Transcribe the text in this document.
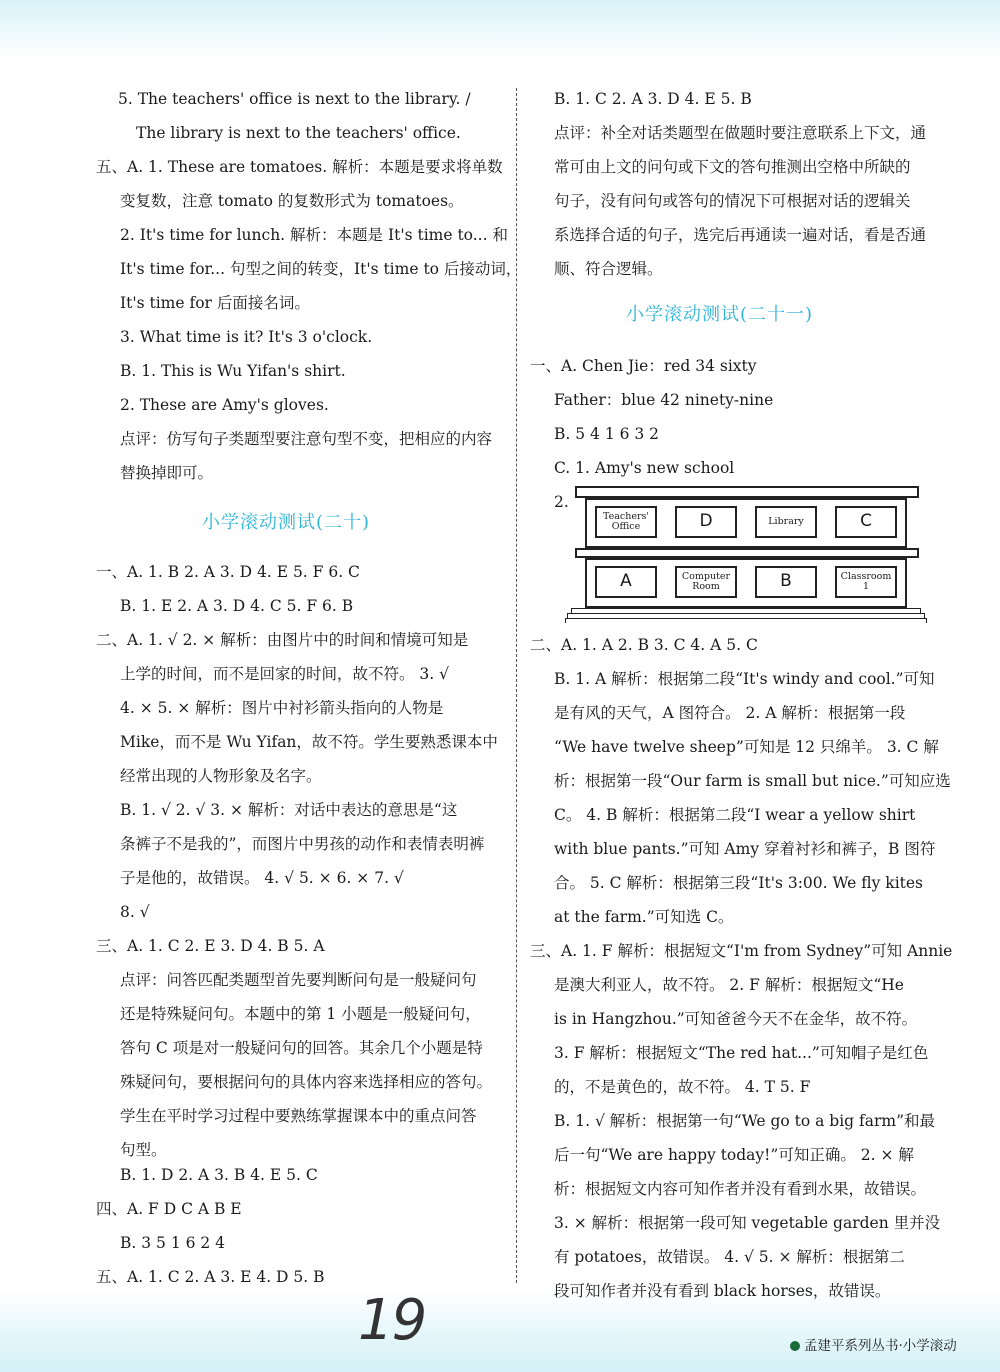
小学滚动测试(二十)
5. The teachers' office is next to the library. /
The library is next to the teachers' office.
五、A. 1. These are tomatoes. 解析：本题是要求将单数
变复数，注意 tomato 的复数形式为 tomatoes。
2. It's time for lunch. 解析：本题是 It's time to... 和
It's time for... 句型之间的转变，It's time to 后接动词，
It's time for 后面接名词。
3. What time is it? It's 3 o'clock.
B. 1. This is Wu Yifan's shirt.
2. These are Amy's gloves.
点评：仿写句子类题型要注意句型不变，把相应的内容
替换掉即可。
一、A. 1. B 2. A 3. D 4. E 5. F 6. C
B. 1. E 2. A 3. D 4. C 5. F 6. B
二、A. 1. √ 2. × 解析：由图片中的时间和情境可知是
上学的时间，而不是回家的时间，故不符。 3. √
4. × 5. × 解析：图片中衬衫箭头指向的人物是
Mike，而不是 Wu Yifan，故不符。学生要熟悉课本中
经常出现的人物形象及名字。
B. 1. √ 2. √ 3. × 解析：对话中表达的意思是“这
条裤子不是我的”，而图片中男孩的动作和表情表明裤
子是他的，故错误。 4. √ 5. × 6. × 7. √
8. √
三、A. 1. C 2. E 3. D 4. B 5. A
点评：问答匹配类题型首先要判断问句是一般疑问句
还是特殊疑问句。本题中的第 1 小题是一般疑问句，
答句 C 项是对一般疑问句的回答。其余几个小题是特
殊疑问句，要根据问句的具体内容来选择相应的答句。
学生在平时学习过程中要熟练掌握课本中的重点问答
句型。
B. 1. D 2. A 3. B 4. E 5. C
四、A. F D C A B E
B. 3 5 1 6 2 4
五、A. 1. C 2. A 3. E 4. D 5. B
小学滚动测试(二十一)
B. 1. C 2. A 3. D 4. E 5. B
点评：补全对话类题型在做题时要注意联系上下文，通
常可由上文的问句或下文的答句推测出空格中所缺的
句子，没有问句或答句的情况下可根据对话的逻辑关
系选择合适的句子，选完后再通读一遍对话，看是否通
顺、符合逻辑。
一、A. Chen Jie：red 34 sixty
Father：blue 42 ninety-nine
B. 5 4 1 6 3 2
C. 1. Amy's new school
2.
二、A. 1. A 2. B 3. C 4. A 5. C
B. 1. A 解析：根据第二段“It's windy and cool.”可知
是有风的天气，A 图符合。 2. A 解析：根据第一段
“We have twelve sheep”可知是 12 只绵羊。 3. C 解
析：根据第一段“Our farm is small but nice.”可知应选
C。 4. B 解析：根据第二段“I wear a yellow shirt
with blue pants.”可知 Amy 穿着衬衫和裤子，B 图符
合。 5. C 解析：根据第三段“It's 3:00. We fly kites
at the farm.”可知选 C。
三、A. 1. F 解析：根据短文“I'm from Sydney”可知 Annie
是澳大利亚人，故不符。 2. F 解析：根据短文“He
is in Hangzhou.”可知爸爸今天不在金华，故不符。
3. F 解析：根据短文“The red hat...”可知帽子是红色
的，不是黄色的，故不符。 4. T 5. F
B. 1. √ 解析：根据第一句“We go to a big farm”和最
后一句“We are happy today!”可知正确。 2. × 解
析：根据短文内容可知作者并没有看到水果，故错误。
3. × 解析：根据第一段可知 vegetable garden 里并没
有 potatoes，故错误。 4. √ 5. × 解析：根据第二
段可知作者并没有看到 black horses，故错误。
Teachers' Office	D	Library	C
A	Computer Room	B	Classroom 1
19	孟建平系列丛书·小学滚动
